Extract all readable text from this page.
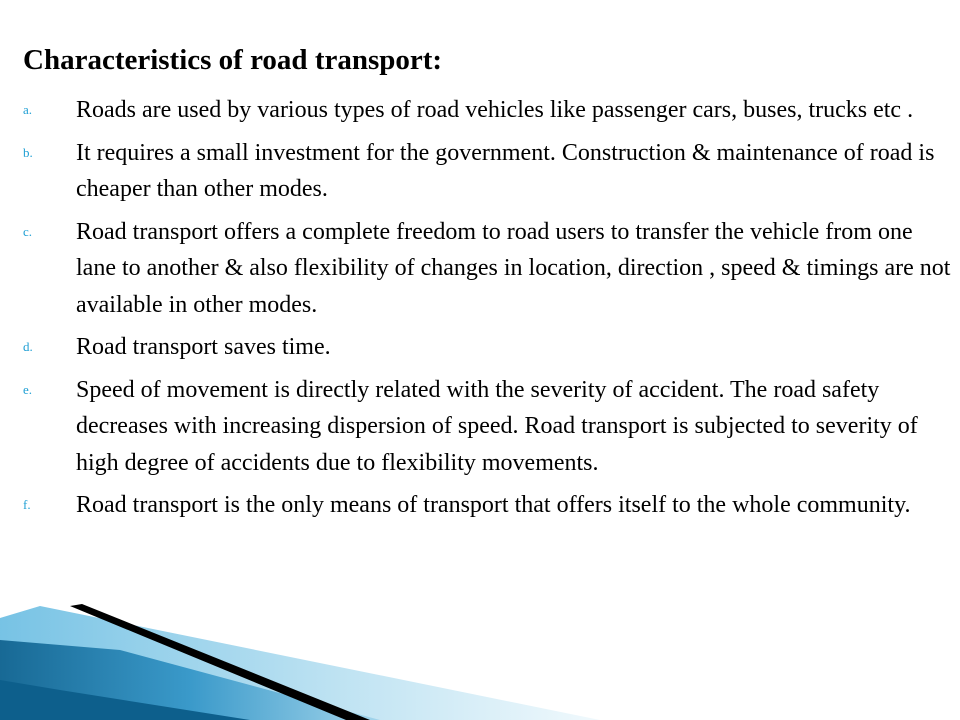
Characteristics of road transport:
a. Roads are used by various types of road vehicles like passenger cars, buses, trucks etc .
b. It requires a small investment for the government. Construction & maintenance of road is cheaper than other modes.
c. Road transport offers a complete freedom to road users to transfer the vehicle from one lane to another & also flexibility of changes in location, direction , speed & timings are not available in other modes.
d. Road transport saves time.
e. Speed of movement is directly related with the severity of accident. The road safety decreases with increasing dispersion of speed. Road transport is subjected to severity of high degree of accidents due to flexibility movements.
f. Road transport is the only means of transport that offers itself to the whole community.
